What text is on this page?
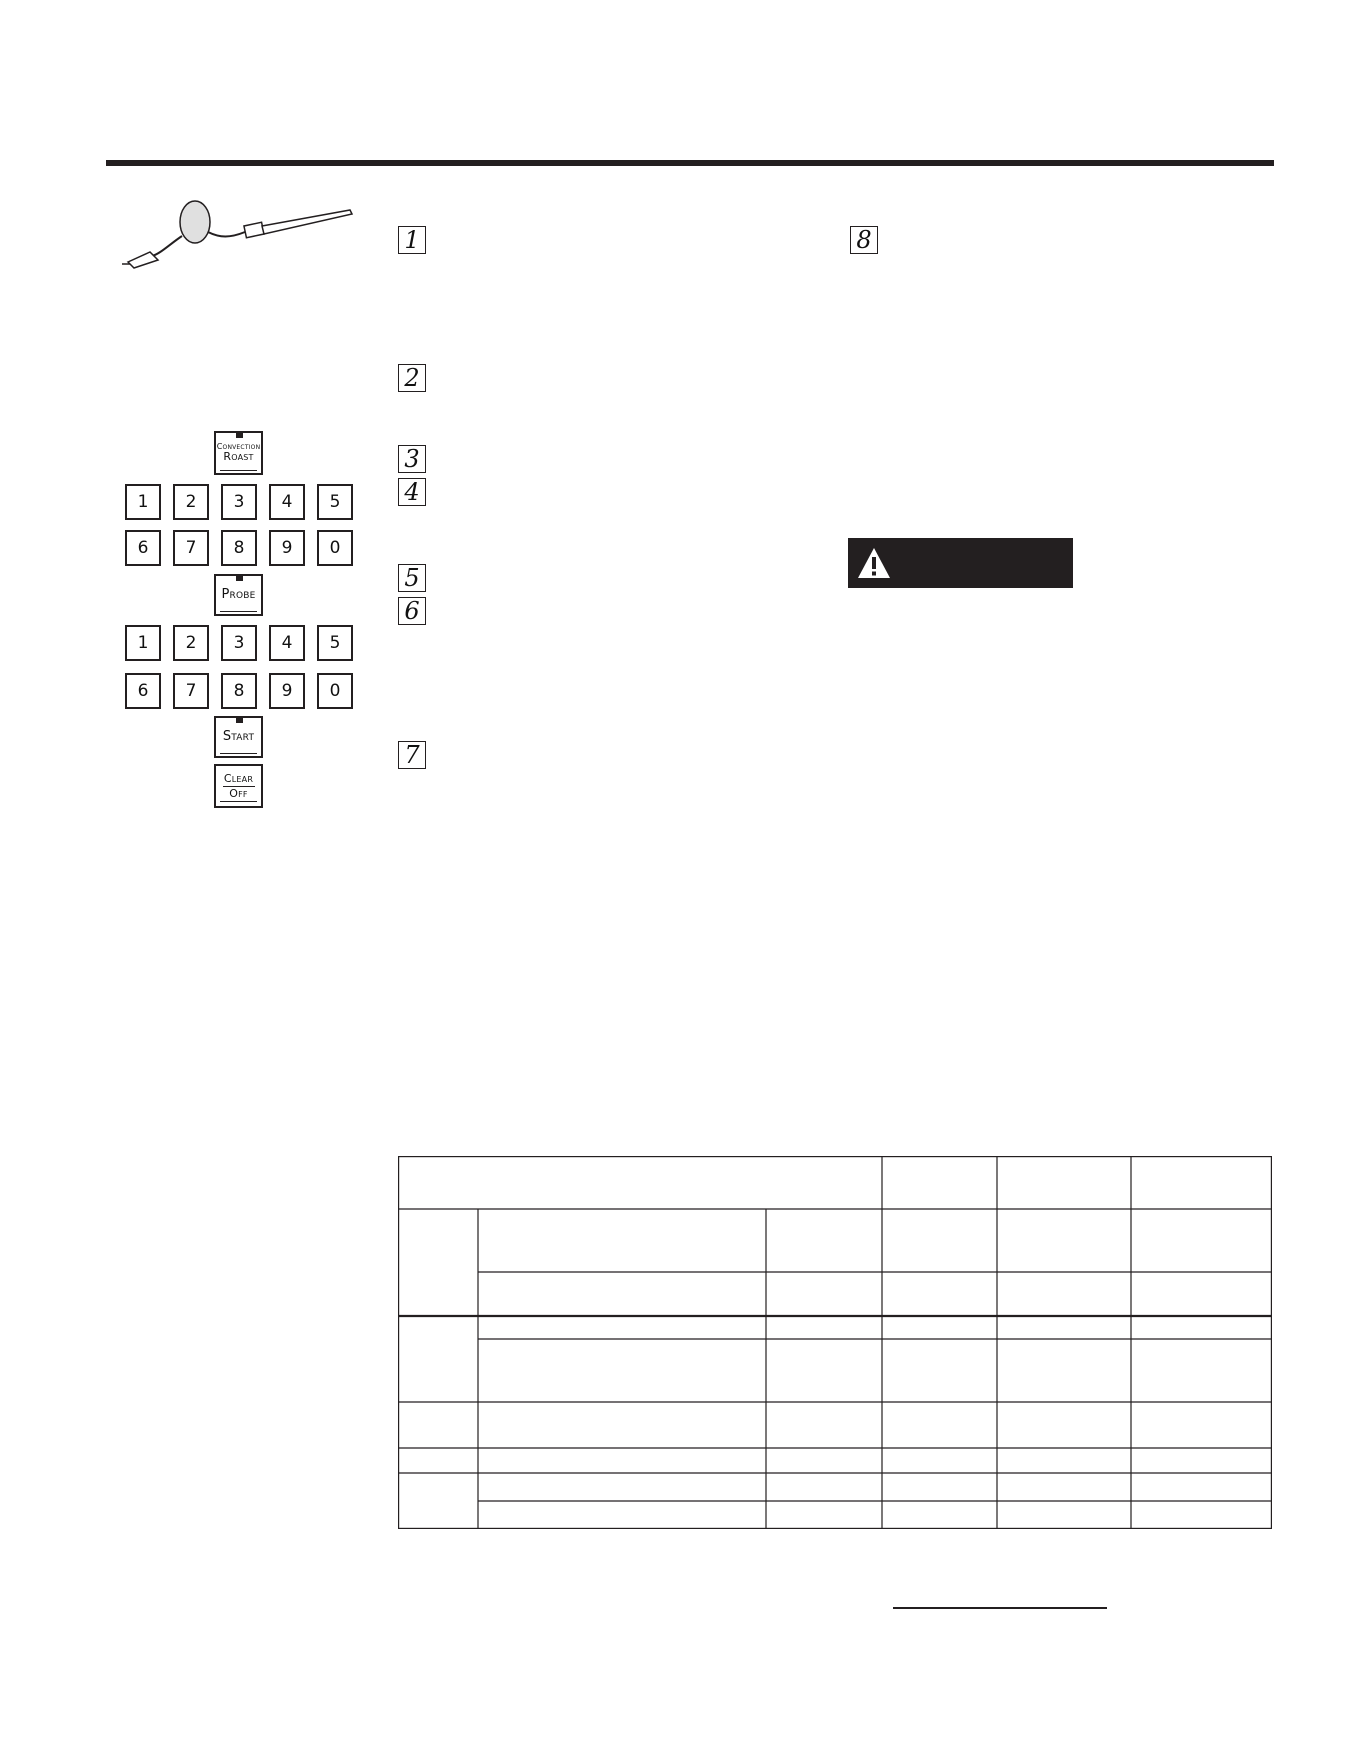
Convection
Roast
1 2 3 4 5
6 7 8 9 0
Probe
1 2 3 4 5
6 7 8 9 0
Start
Clear
Off
1
2
3
4
5
6
7
8
